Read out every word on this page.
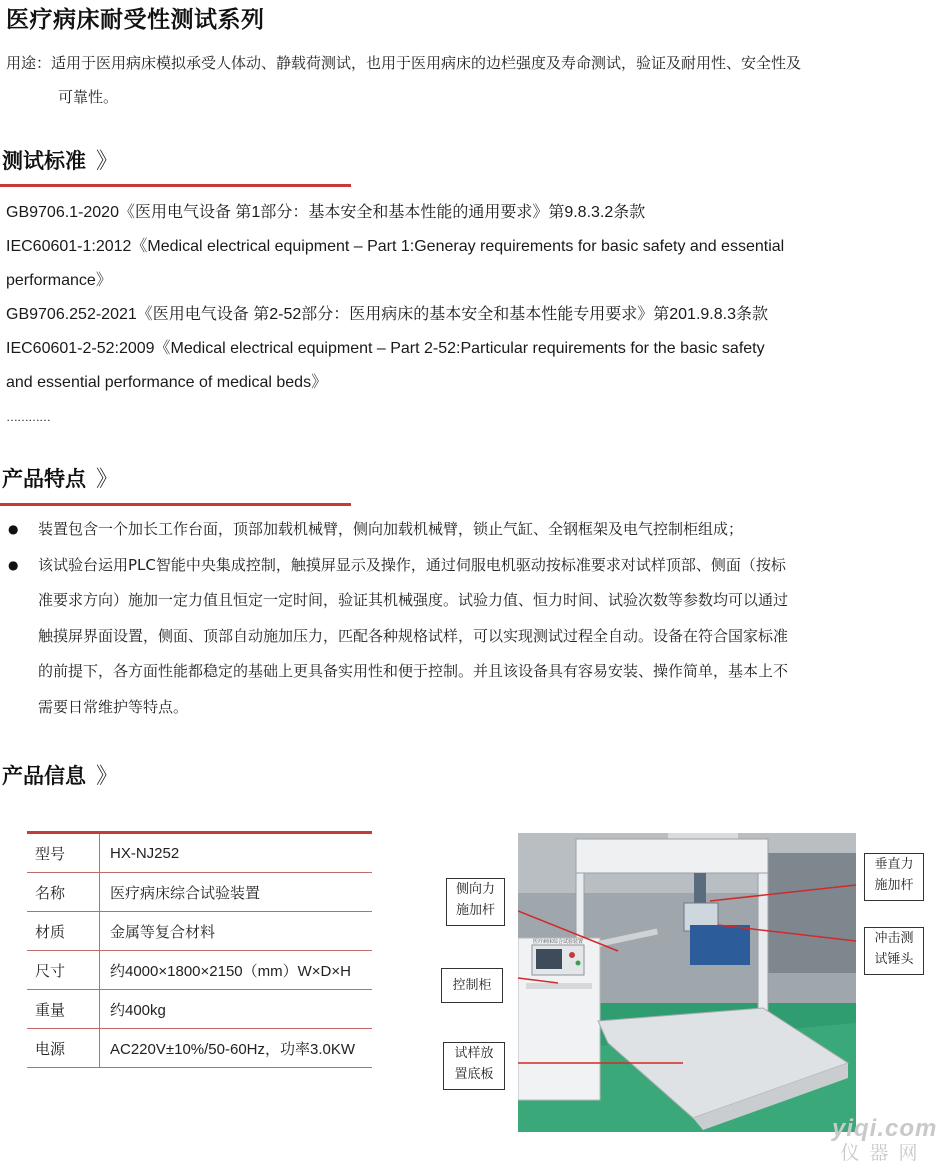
医疗病床耐受性测试系列
用途：适用于医用病床模拟承受人体动、静载荷测试，也用于医用病床的边栏强度及寿命测试，验证及耐用性、安全性及
可靠性。
测试标准 》
GB9706.1-2020《医用电气设备 第1部分：基本安全和基本性能的通用要求》第9.8.3.2条款
IEC60601-1:2012《Medical electrical equipment – Part 1:Generay requirements for basic safety and essential
performance》
GB9706.252-2021《医用电气设备 第2-52部分：医用病床的基本安全和基本性能专用要求》第201.9.8.3条款
IEC60601-2-52:2009《Medical electrical equipment – Part 2-52:Particular requirements for the basic safety
and essential performance of medical beds》
…………
产品特点 》
● 装置包含一个加长工作台面，顶部加载机械臂，侧向加载机械臂，锁止气缸、全钢框架及电气控制柜组成；
● 该试验台运用PLC智能中央集成控制，触摸屏显示及操作，通过伺服电机驱动按标准要求对试样顶部、侧面（按标
准要求方向）施加一定力值且恒定一定时间，验证其机械强度。试验力值、恒力时间、试验次数等参数均可以通过
触摸屏界面设置，侧面、顶部自动施加压力，匹配各种规格试样，可以实现测试过程全自动。设备在符合国家标准
的前提下，各方面性能都稳定的基础上更具备实用性和便于控制。并且该设备具有容易安装、操作简单，基本上不
需要日常维护等特点。
产品信息 》
型号	HX-NJ252
名称	医疗病床综合试验装置
材质	金属等复合材料
尺寸	约4000×1800×2150（mm）W×D×H
重量	约400kg
电源	AC220V±10%/50-60Hz，功率3.0KW
医疗病床综合试验装置
侧向力
施加杆
控制柜
试样放
置底板
垂直力
施加杆
冲击测
试锤头
yiqi.com
仪器网
